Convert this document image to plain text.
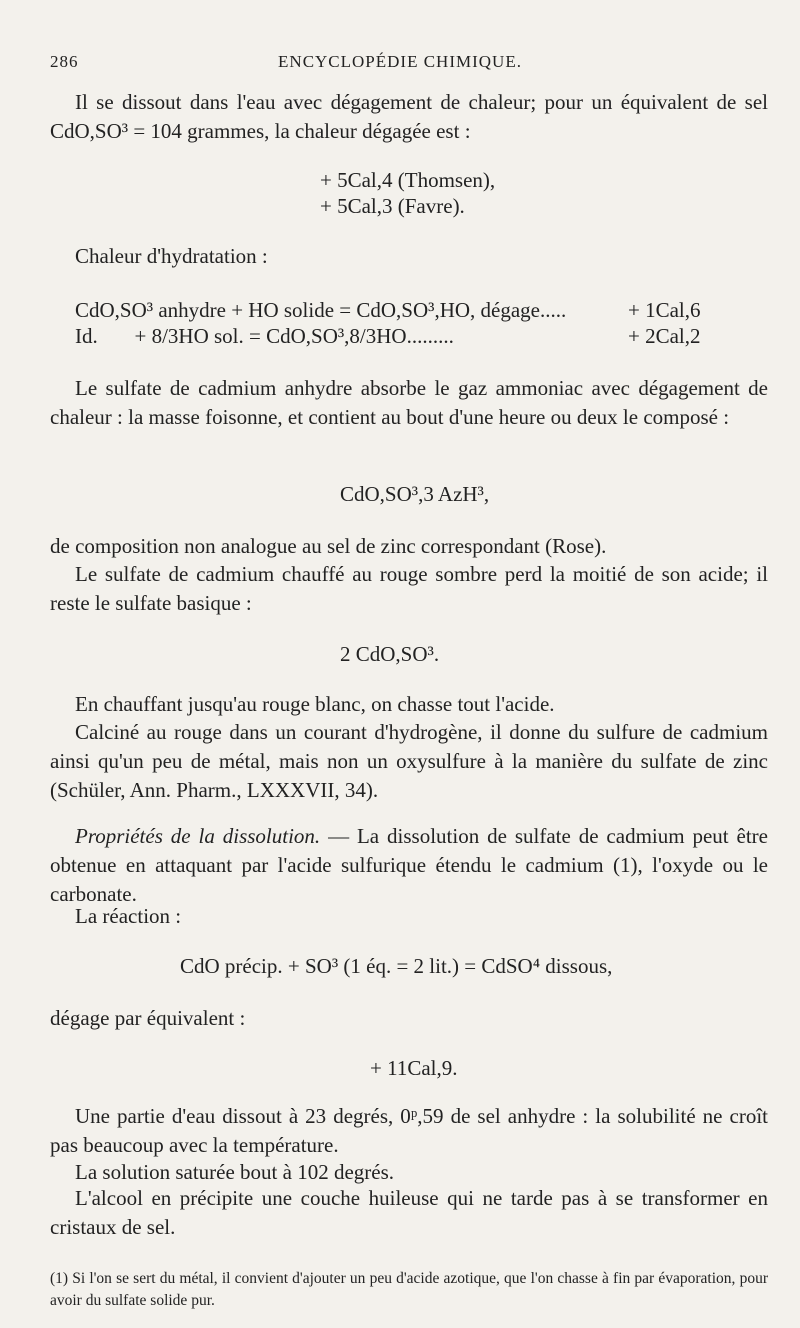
286	ENCYCLOPÉDIE CHIMIQUE.
Il se dissout dans l'eau avec dégagement de chaleur; pour un équivalent de sel CdO,SO³ = 104 grammes, la chaleur dégagée est :
+ 5Cal,4 (Thomsen),
+ 5Cal,3 (Favre).
Chaleur d'hydratation :
CdO,SO³ anhydre + HO solide = CdO,SO³,HO, dégage.....	+ 1Cal,6
Id.       + 8/3HO sol. = CdO,SO³,8/3HO.........	+ 2Cal,2
Le sulfate de cadmium anhydre absorbe le gaz ammoniac avec dégagement de chaleur : la masse foisonne, et contient au bout d'une heure ou deux le composé :
CdO,SO³,3 AzH³,
de composition non analogue au sel de zinc correspondant (Rose).
Le sulfate de cadmium chauffé au rouge sombre perd la moitié de son acide; il reste le sulfate basique :
2 CdO,SO³.
En chauffant jusqu'au rouge blanc, on chasse tout l'acide.
Calciné au rouge dans un courant d'hydrogène, il donne du sulfure de cadmium ainsi qu'un peu de métal, mais non un oxysulfure à la manière du sulfate de zinc (Schüler, Ann. Pharm., LXXXVII, 34).
Propriétés de la dissolution. — La dissolution de sulfate de cadmium peut être obtenue en attaquant par l'acide sulfurique étendu le cadmium (1), l'oxyde ou le carbonate.
La réaction :
CdO précip. + SO³ (1 éq. = 2 lit.) = CdSO⁴ dissous,
dégage par équivalent :
+ 11Cal,9.
Une partie d'eau dissout à 23 degrés, 0ᵖ,59 de sel anhydre : la solubilité ne croît pas beaucoup avec la température.
La solution saturée bout à 102 degrés.
L'alcool en précipite une couche huileuse qui ne tarde pas à se transformer en cristaux de sel.
(1) Si l'on se sert du métal, il convient d'ajouter un peu d'acide azotique, que l'on chasse à fin par évaporation, pour avoir du sulfate solide pur.
